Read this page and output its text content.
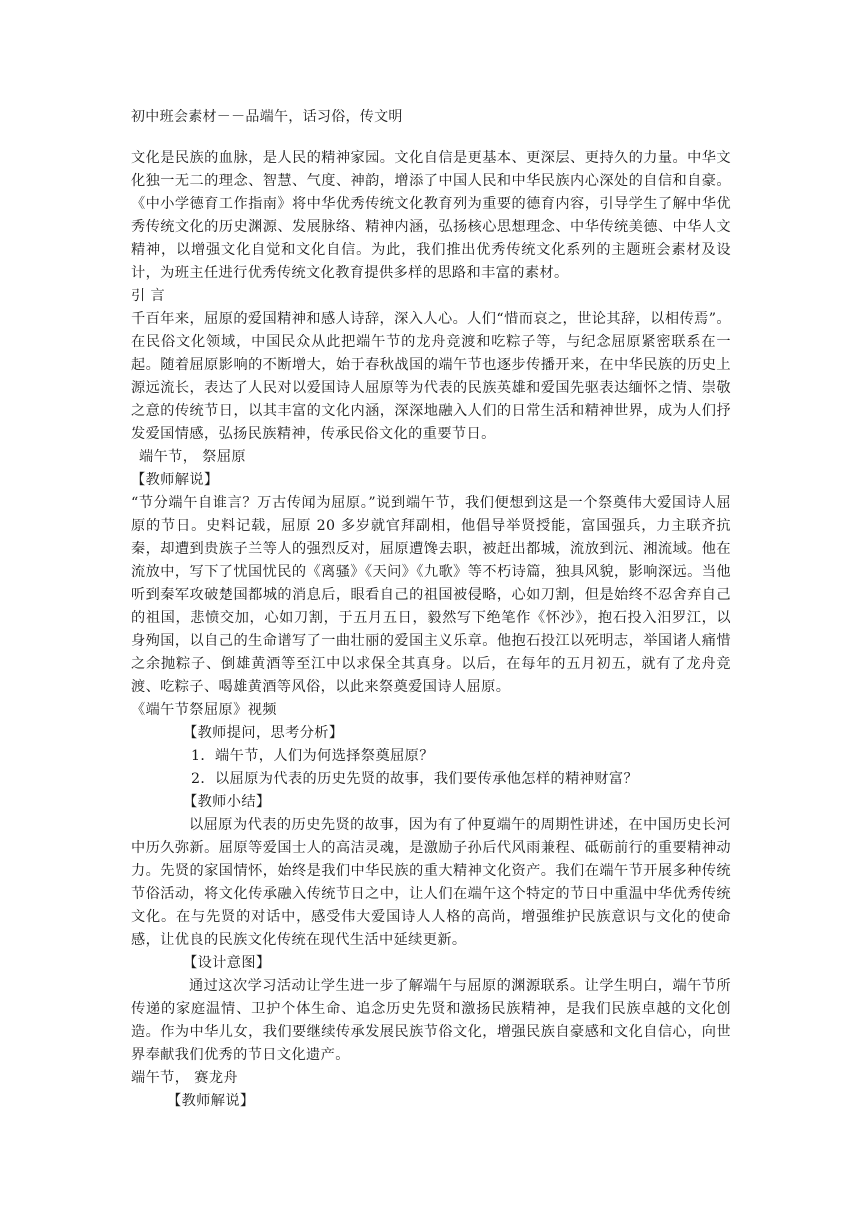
初中班会素材－－品端午，话习俗，传文明

文化是民族的血脉，是人民的精神家园。文化自信是更基本、更深层、更持久的力量。中华文化独一无二的理念、智慧、气度、神韵，增添了中国人民和中华民族内心深处的自信和自豪。《中小学德育工作指南》将中华优秀传统文化教育列为重要的德育内容，引导学生了解中华优秀传统文化的历史渊源、发展脉络、精神内涵，弘扬核心思想理念、中华传统美德、中华人文精神，以增强文化自觉和文化自信。为此，我们推出优秀传统文化系列的主题班会素材及设计，为班主任进行优秀传统文化教育提供多样的思路和丰富的素材。

引 言

千百年来，屈原的爱国精神和感人诗辞，深入人心。人们“惜而哀之，世论其辞，以相传焉”。在民俗文化领域，中国民众从此把端午节的龙舟竞渡和吃粽子等，与纪念屈原紧密联系在一起。随着屈原影响的不断增大，始于春秋战国的端午节也逐步传播开来，在中华民族的历史上源远流长，表达了人民对以爱国诗人屈原等为代表的民族英雄和爱国先驱表达缅怀之情、崇敬之意的传统节日，以其丰富的文化内涵，深深地融入人们的日常生活和精神世界，成为人们抒发爱国情感，弘扬民族精神，传承民俗文化的重要节日。

端午节， 祭屈原

【教师解说】

“节分端午自谁言？万古传闻为屈原。”说到端午节，我们便想到这是一个祭奠伟大爱国诗人屈原的节日。史料记载，屈原 20 多岁就官拜副相，他倡导举贤授能，富国强兵，力主联齐抗秦，却遭到贵族子兰等人的强烈反对，屈原遭馋去职，被赶出都城，流放到沅、湘流域。他在流放中，写下了忧国忧民的《离骚》《天问》《九歌》等不朽诗篇，独具风貌，影响深远。当他听到秦军攻破楚国都城的消息后，眼看自己的祖国被侵略，心如刀割，但是始终不忍舍弃自己的祖国，悲愤交加，心如刀割，于五月五日，毅然写下绝笔作《怀沙》，抱石投入汨罗江，以身殉国，以自己的生命谱写了一曲壮丽的爱国主义乐章。他抱石投江以死明志，举国诸人痛惜之余抛粽子、倒雄黄酒等至江中以求保全其真身。以后，在每年的五月初五，就有了龙舟竞渡、吃粽子、喝雄黄酒等风俗，以此来祭奠爱国诗人屈原。

《端午节祭屈原》视频

【教师提问，思考分析】

1．端午节，人们为何选择祭奠屈原？

2．以屈原为代表的历史先贤的故事，我们要传承他怎样的精神财富？

【教师小结】

以屈原为代表的历史先贤的故事，因为有了仲夏端午的周期性讲述，在中国历史长河中历久弥新。屈原等爱国士人的高洁灵魂，是激励子孙后代风雨兼程、砥砺前行的重要精神动力。先贤的家国情怀，始终是我们中华民族的重大精神文化资产。我们在端午节开展多种传统节俗活动，将文化传承融入传统节日之中，让人们在端午这个特定的节日中重温中华优秀传统文化。在与先贤的对话中，感受伟大爱国诗人人格的高尚，增强维护民族意识与文化的使命感，让优良的民族文化传统在现代生活中延续更新。

【设计意图】

通过这次学习活动让学生进一步了解端午与屈原的渊源联系。让学生明白，端午节所传递的家庭温情、卫护个体生命、追念历史先贤和激扬民族精神，是我们民族卓越的文化创造。作为中华儿女，我们要继续传承发展民族节俗文化，增强民族自豪感和文化自信心，向世界奉献我们优秀的节日文化遗产。

端午节， 赛龙舟

【教师解说】
